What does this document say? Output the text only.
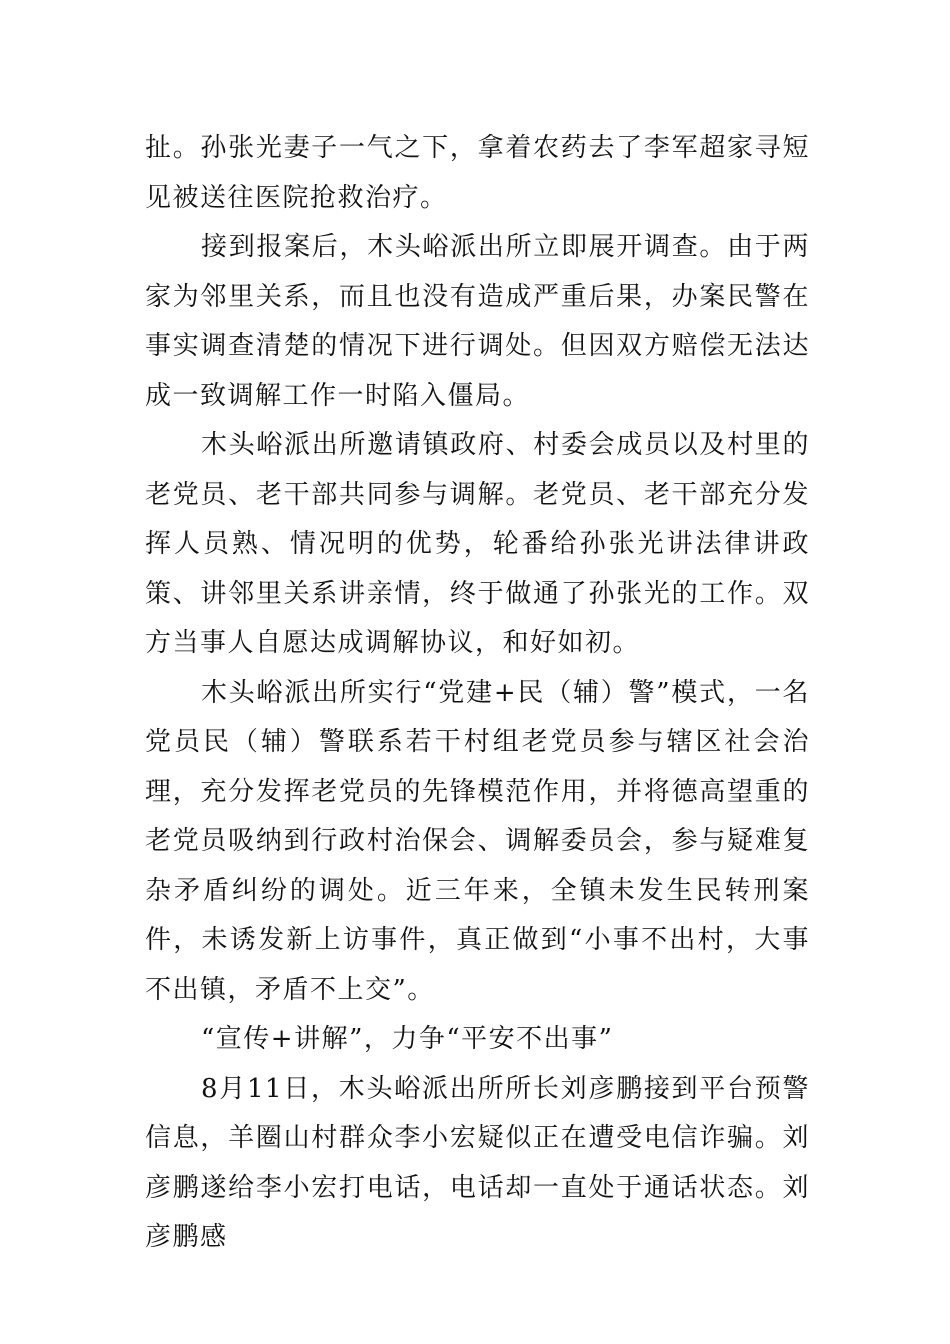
扯。孙张光妻子一气之下，拿着农药去了李军超家寻短见被送往医院抢救治疗。

接到报案后，木头峪派出所立即展开调查。由于两家为邻里关系，而且也没有造成严重后果，办案民警在事实调查清楚的情况下进行调处。但因双方赔偿无法达成一致调解工作一时陷入僵局。

木头峪派出所邀请镇政府、村委会成员以及村里的老党员、老干部共同参与调解。老党员、老干部充分发挥人员熟、情况明的优势，轮番给孙张光讲法律讲政策、讲邻里关系讲亲情，终于做通了孙张光的工作。双方当事人自愿达成调解协议，和好如初。

木头峪派出所实行“党建+民（辅）警”模式，一名党员民（辅）警联系若干村组老党员参与辖区社会治理，充分发挥老党员的先锋模范作用，并将德高望重的老党员吸纳到行政村治保会、调解委员会，参与疑难复杂矛盾纠纷的调处。近三年来，全镇未发生民转刑案件，未诱发新上访事件，真正做到“小事不出村，大事不出镇，矛盾不上交”。

“宣传+讲解”，力争“平安不出事”

8月11日，木头峪派出所所长刘彦鹏接到平台预警信息，羊圈山村群众李小宏疑似正在遭受电信诈骗。刘彦鹏遂给李小宏打电话，电话却一直处于通话状态。刘彦鹏感
